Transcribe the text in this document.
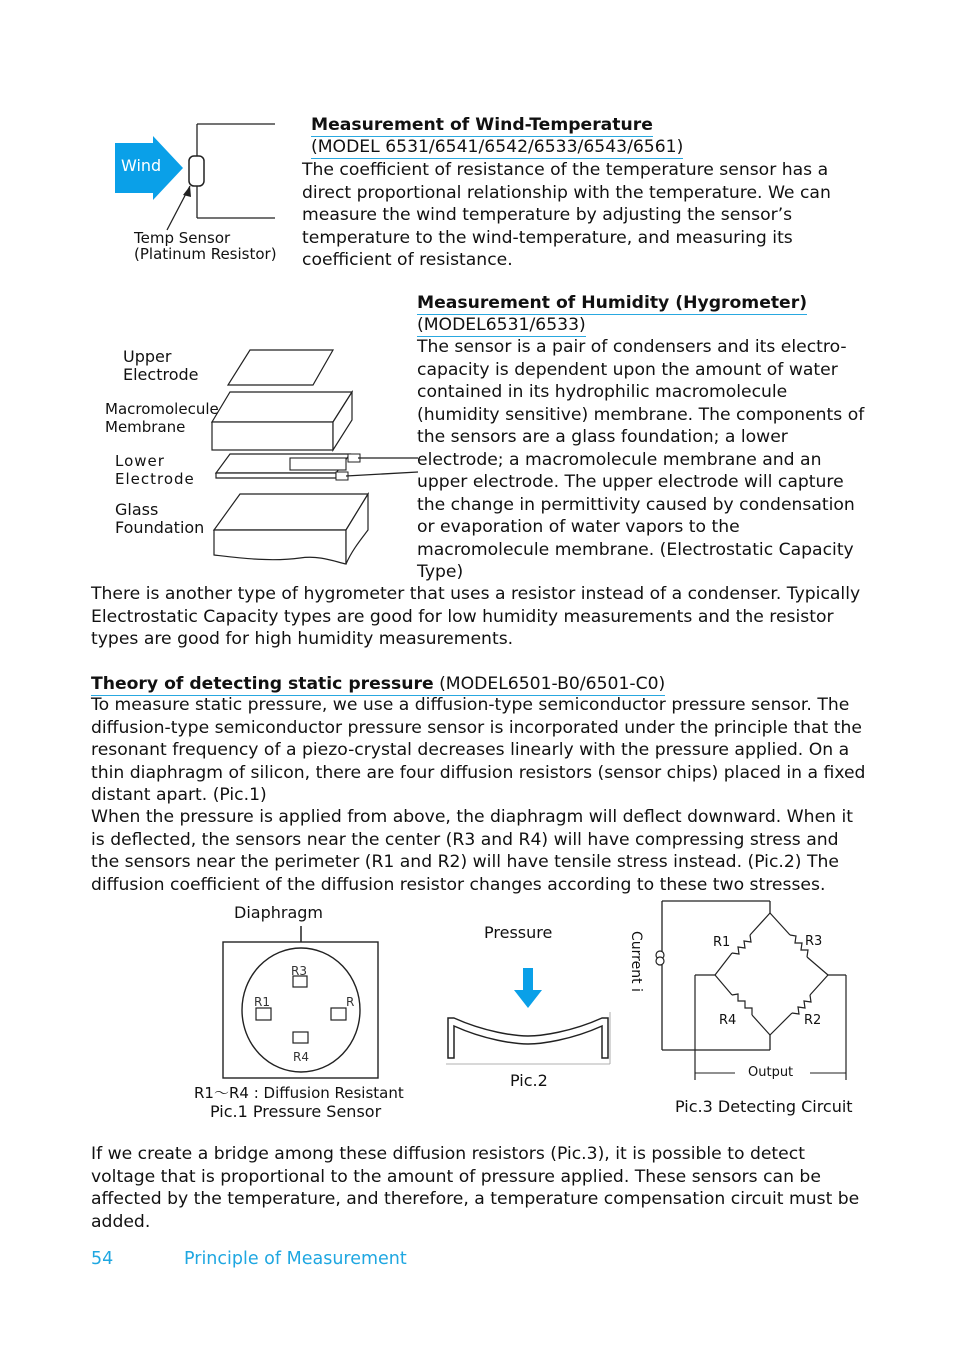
Wind
Temp Sensor
(Platinum Resistor)
Measurement of Wind-Temperature
(MODEL 6531/6541/6542/6533/6543/6561)
The coefficient of resistance of the temperature sensor has a direct proportional relationship with the temperature. We can measure the wind temperature by adjusting the sensor’s temperature to the wind-temperature, and measuring its coefficient of resistance.
Upper
Electrode
Macromolecule
Membrane
Lower
Electrode
Glass
Foundation
Measurement of Humidity (Hygrometer)
(MODEL6531/6533)
The sensor is a pair of condensers and its electro-capacity is dependent upon the amount of water contained in its hydrophilic macromolecule (humidity sensitive) membrane. The components of the sensors are a glass foundation; a lower electrode; a macromolecule membrane and an upper electrode. The upper electrode will capture the change in permittivity caused by condensation or evaporation of water vapors to the macromolecule membrane. (Electrostatic Capacity Type)
There is another type of hygrometer that uses a resistor instead of a condenser. Typically Electrostatic Capacity types are good for low humidity measurements and the resistor types are good for high humidity measurements.
Theory of detecting static pressure (MODEL6501-B0/6501-C0)
To measure static pressure, we use a diffusion-type semiconductor pressure sensor. The diffusion-type semiconductor pressure sensor is incorporated under the principle that the resonant frequency of a piezo-crystal decreases linearly with the pressure applied. On a thin diaphragm of silicon, there are four diffusion resistors (sensor chips) placed in a fixed distant apart. (Pic.1)
When the pressure is applied from above, the diaphragm will deflect downward. When it is deflected, the sensors near the center (R3 and R4) will have compressing stress and the sensors near the perimeter (R1 and R2) will have tensile stress instead. (Pic.2) The diffusion coefficient of the diffusion resistor changes according to these two stresses.
Diaphragm
R3
R1	R
R4
R1～R4 : Diffusion Resistant
Pic.1 Pressure Sensor
Pressure
Pic.2
Current i	R1	R3
R4	R2
Output
Pic.3 Detecting Circuit
If we create a bridge among these diffusion resistors (Pic.3), it is possible to detect voltage that is proportional to the amount of pressure applied. These sensors can be affected by the temperature, and therefore, a temperature compensation circuit must be added.
54	Principle of Measurement
